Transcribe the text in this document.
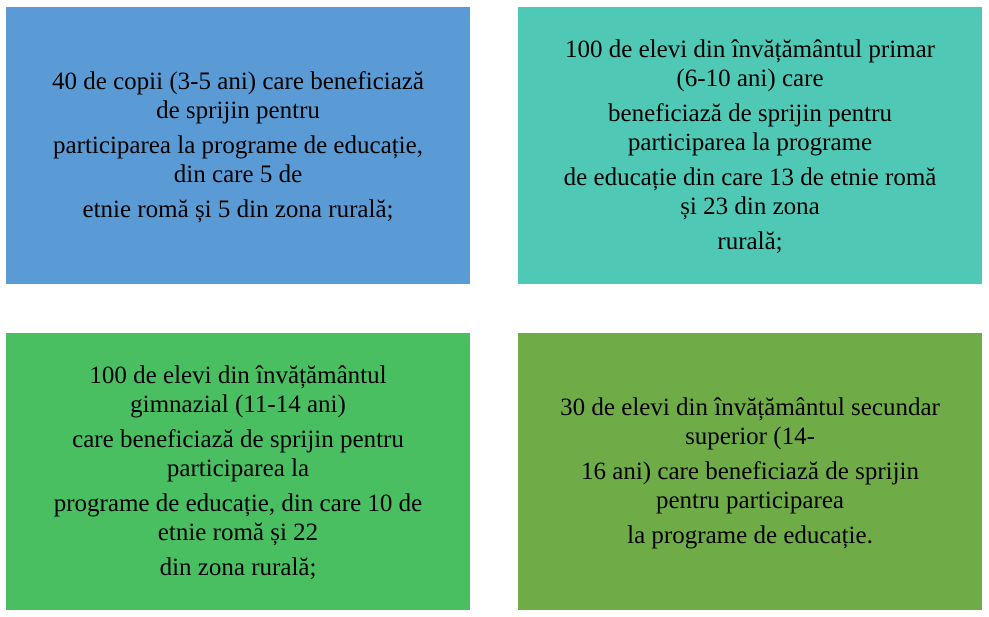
40 de copii (3-5 ani) care beneficiază
de sprijin pentru

participarea la programe de educație,
din care 5 de

etnie romă și 5 din zona rurală;

100 de elevi din învățământul primar
(6-10 ani) care

beneficiază de sprijin pentru
participarea la programe

de educație din care 13 de etnie romă
și 23 din zona

rurală;

100 de elevi din învățământul
gimnazial (11-14 ani)

care beneficiază de sprijin pentru
participarea la

programe de educație, din care 10 de
etnie romă și 22

din zona rurală;

30 de elevi din învățământul secundar
superior (14-

16 ani) care beneficiază de sprijin
pentru participarea

la programe de educație.
